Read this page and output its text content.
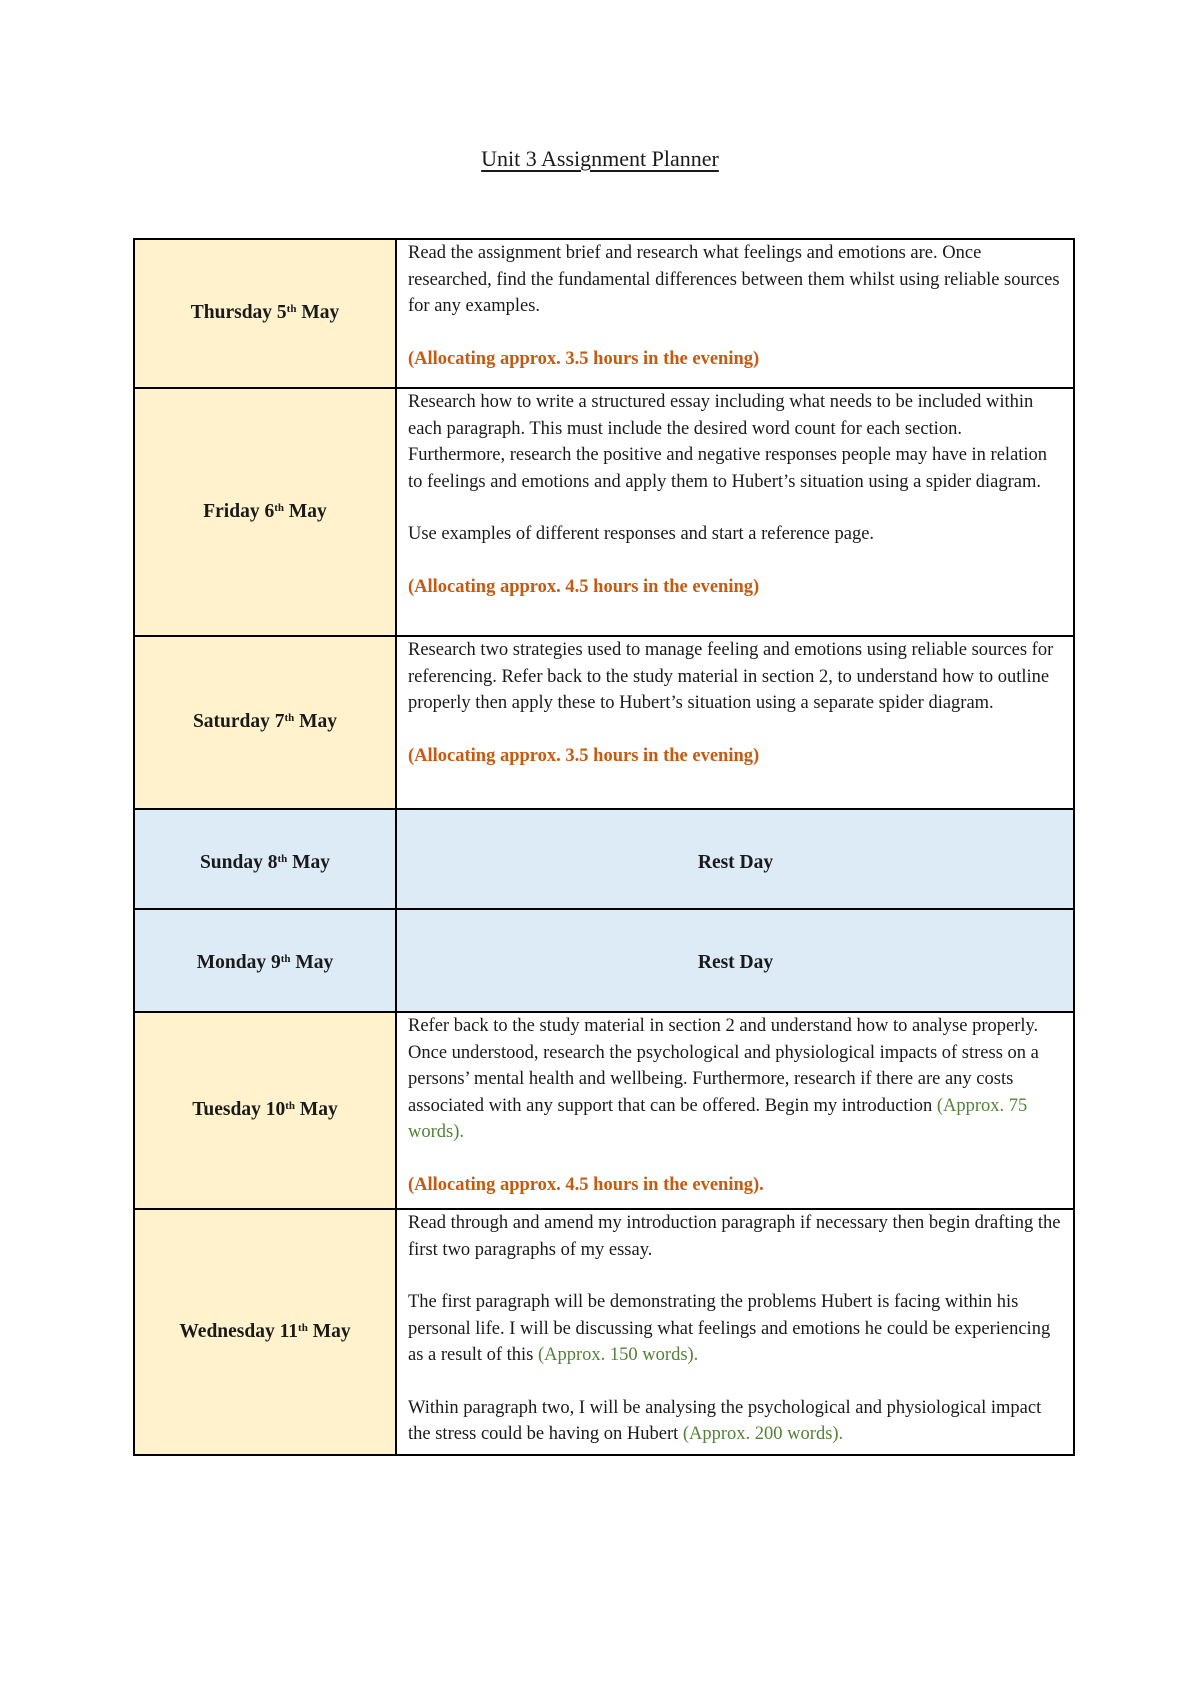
Unit 3 Assignment Planner
Thursday 5th May	Read the assignment brief and research what feelings and emotions are. Once researched, find the fundamental differences between them whilst using reliable sources for any examples.

(Allocating approx. 3.5 hours in the evening)

Friday 6th May	Research how to write a structured essay including what needs to be included within each paragraph. This must include the desired word count for each section. Furthermore, research the positive and negative responses people may have in relation to feelings and emotions and apply them to Hubert’s situation using a spider diagram.

Use examples of different responses and start a reference page.

(Allocating approx. 4.5 hours in the evening)

Saturday 7th May	Research two strategies used to manage feeling and emotions using reliable sources for referencing. Refer back to the study material in section 2, to understand how to outline properly then apply these to Hubert’s situation using a separate spider diagram.

(Allocating approx. 3.5 hours in the evening)

Sunday 8th May	Rest Day
Monday 9th May	Rest Day
Tuesday 10th May	Refer back to the study material in section 2 and understand how to analyse properly. Once understood, research the psychological and physiological impacts of stress on a persons’ mental health and wellbeing. Furthermore, research if there are any costs associated with any support that can be offered. Begin my introduction (Approx. 75 words).

(Allocating approx. 4.5 hours in the evening).

Wednesday 11th May	Read through and amend my introduction paragraph if necessary then begin drafting the first two paragraphs of my essay.

The first paragraph will be demonstrating the problems Hubert is facing within his personal life. I will be discussing what feelings and emotions he could be experiencing as a result of this (Approx. 150 words).

Within paragraph two, I will be analysing the psychological and physiological impact the stress could be having on Hubert (Approx. 200 words).
